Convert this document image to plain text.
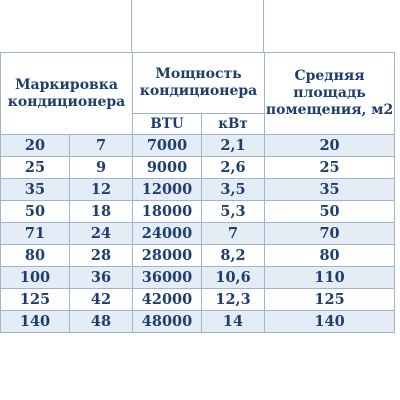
Маркировка кондиционера		Мощность кондиционера		Средняя площадь помещения, м2
		BTU	кВт	
20	7	7000	2,1	20
25	9	9000	2,6	25
35	12	12000	3,5	35
50	18	18000	5,3	50
71	24	24000	7	70
80	28	28000	8,2	80
100	36	36000	10,6	110
125	42	42000	12,3	125
140	48	48000	14	140
